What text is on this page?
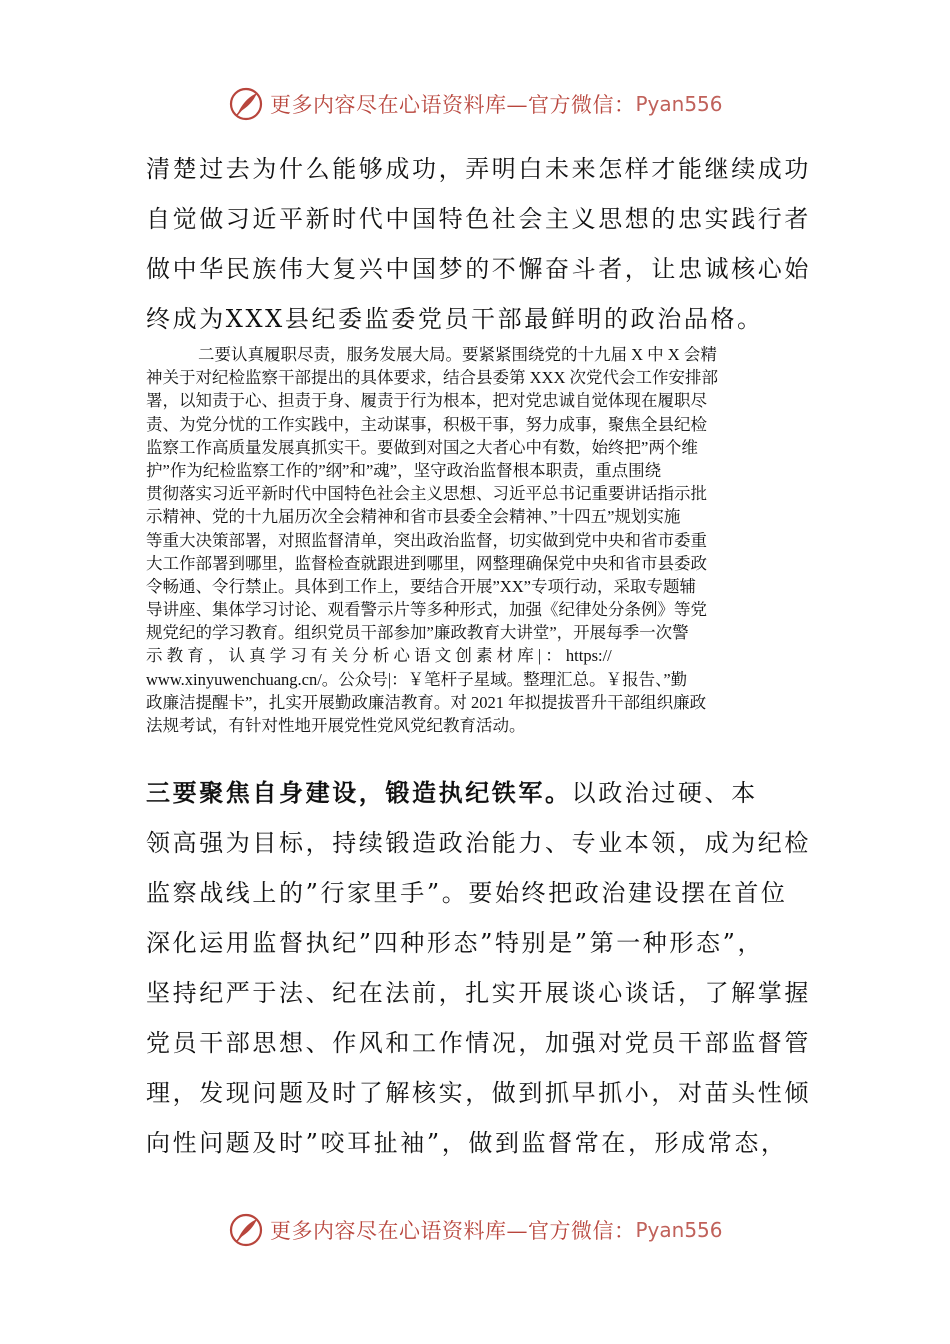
更多内容尽在心语资料库—官方微信： Pyan556
清楚过去为什么能够成功，弄明白未来怎样才能继续成功
自觉做习近平新时代中国特色社会主义思想的忠实践行者
做中华民族伟大复兴中国梦的不懈奋斗者，让忠诚核心始
终成为XXX县纪委监委党员干部最鲜明的政治品格。
二要认真履职尽责，服务发展大局。要紧紧围绕党的十九届 X 中 X 会精
神关于对纪检监察干部提出的具体要求，结合县委第 XXX 次党代会工作安排部
署，以知责于心、担责于身、履责于行为根本，把对党忠诚自觉体现在履职尽
责、为党分忧的工作实践中，主动谋事，积极干事，努力成事，聚焦全县纪检
监察工作高质量发展真抓实干。要做到对国之大者心中有数，始终把”两个维
护”作为纪检监察工作的”纲”和”魂”，坚守政治监督根本职责，重点围绕
贯彻落实习近平新时代中国特色社会主义思想、习近平总书记重要讲话指示批
示精神、党的十九届历次全会精神和省市县委全会精神、”十四五”规划实施
等重大决策部署，对照监督清单，突出政治监督，切实做到党中央和省市委重
大工作部署到哪里，监督检查就跟进到哪里，网整理确保党中央和省市县委政
令畅通、令行禁止。具体到工作上，要结合开展”XX”专项行动，采取专题辅
导讲座、集体学习讨论、观看警示片等多种形式，加强《纪律处分条例》等党
规党纪的学习教育。组织党员干部参加”廉政教育大讲堂”，开展每季一次警
示 教 育 ， 认 真 学 习 有 关 分 析 心 语 文 创 素 材 库 | ： https://
www.xinyuwenchuang.cn/。公众号|：￥笔杆子星域。整理汇总。￥报告、”勤
政廉洁提醒卡”，扎实开展勤政廉洁教育。对 2021 年拟提拔晋升干部组织廉政
法规考试，有针对性地开展党性党风党纪教育活动。
三要聚焦自身建设，锻造执纪铁军。以政治过硬、本
领高强为目标，持续锻造政治能力、专业本领，成为纪检
监察战线上的”行家里手”。要始终把政治建设摆在首位
深化运用监督执纪”四种形态”特别是”第一种形态”，
坚持纪严于法、纪在法前，扎实开展谈心谈话，了解掌握
党员干部思想、作风和工作情况，加强对党员干部监督管
理，发现问题及时了解核实，做到抓早抓小，对苗头性倾
向性问题及时”咬耳扯袖”，做到监督常在，形成常态，
更多内容尽在心语资料库—官方微信： Pyan556
